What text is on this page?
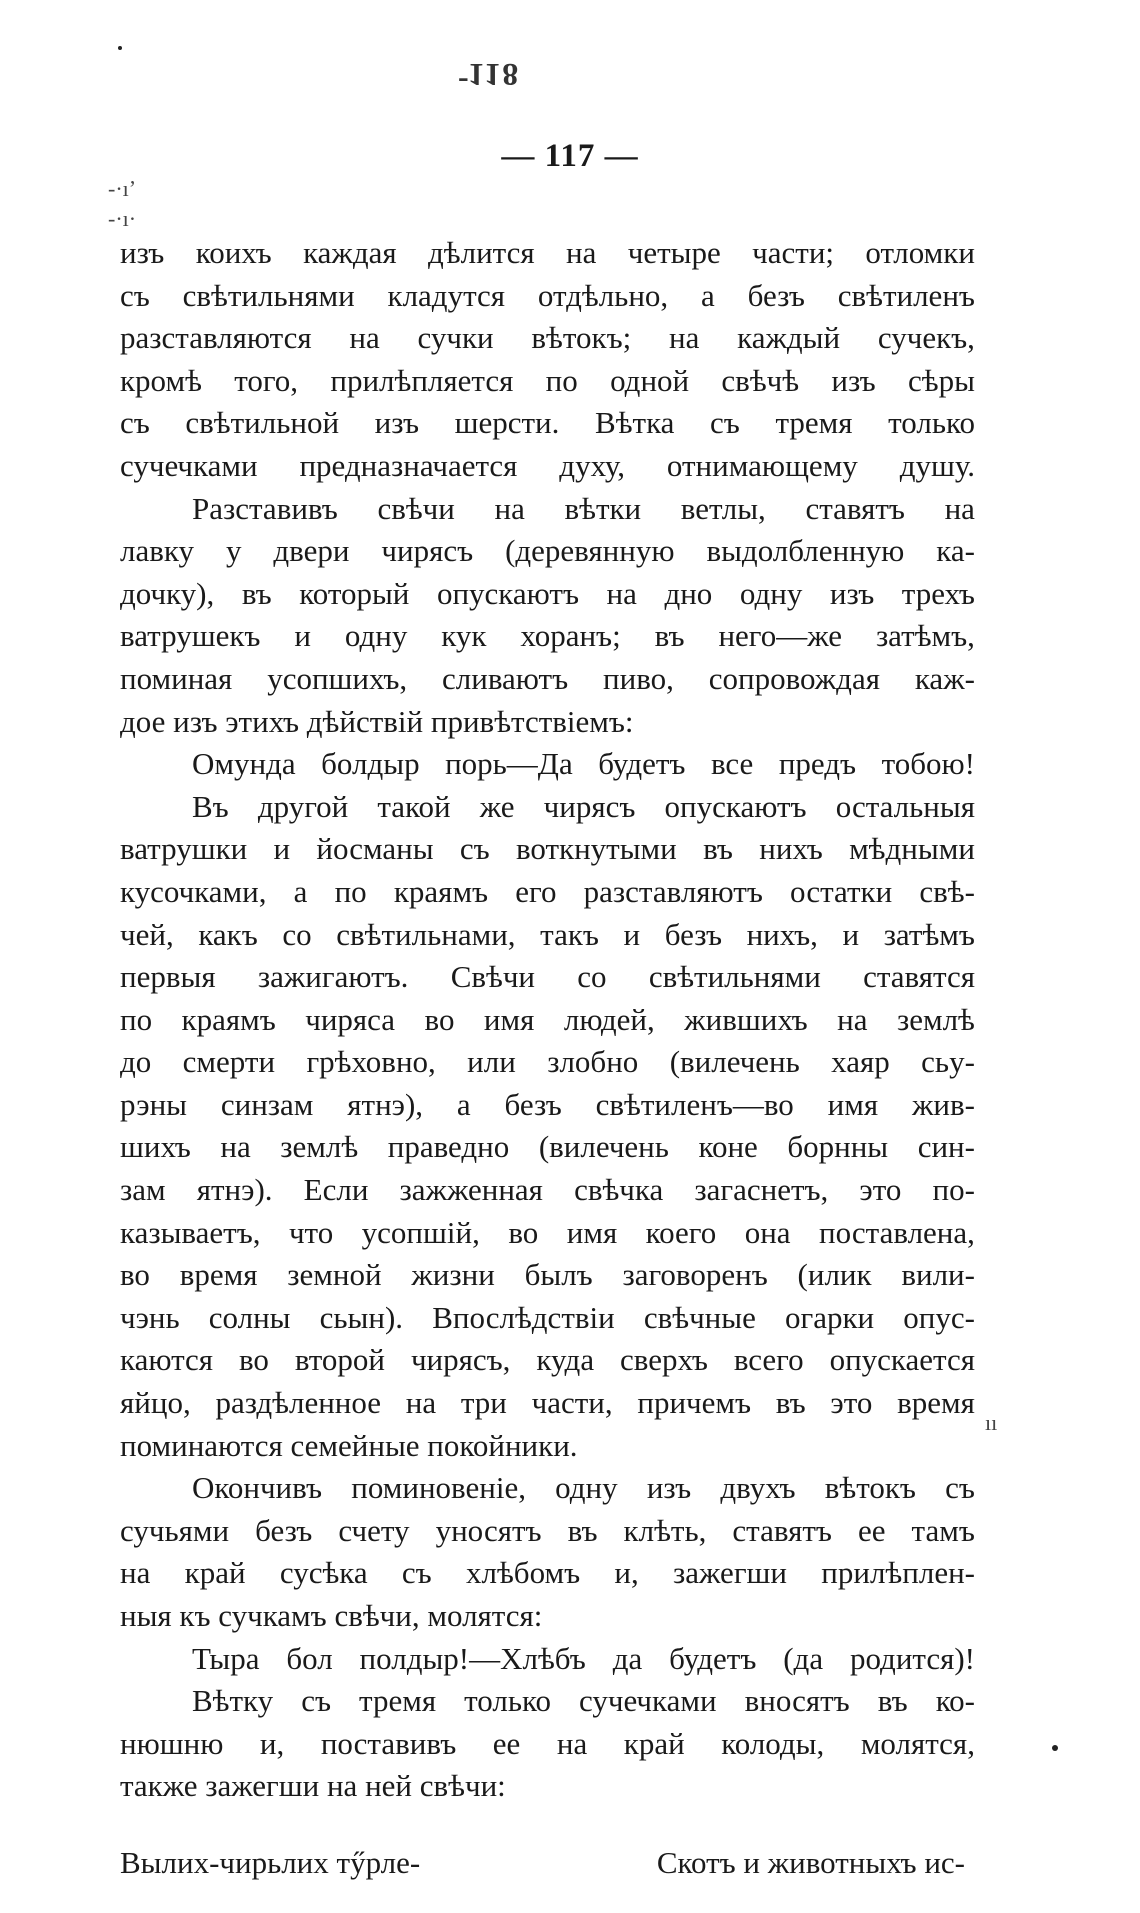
- 118
— 117 —
изъ коихъ каждая дѣлится на четыре части; отломки
съ свѣтильнями кладутся отдѣльно, а безъ свѣтиленъ
разставляются на сучки вѣтокъ; на каждый сучекъ,
кромѣ того, прилѣпляется по одной свѣчѣ изъ сѣры
съ свѣтильной изъ шерсти. Вѣтка съ тремя только
сучечками предназначается духу, отнимающему душу.
Разставивъ свѣчи на вѣтки ветлы, ставятъ на
лавку у двери чирясъ (деревянную выдолбленную ка-
дочку), въ который опускаютъ на дно одну изъ трехъ
ватрушекъ и одну кук хоранъ; въ него—же затѣмъ,
поминая усопшихъ, сливаютъ пиво, сопровождая каж-
дое изъ этихъ дѣйствій привѣтствіемъ:
Омунда болдыр порь—Да будетъ все предъ тобою!
Въ другой такой же чирясъ опускаютъ остальныя
ватрушки и йосманы съ воткнутыми въ нихъ мѣдными
кусочками, а по краямъ его разставляютъ остатки свѣ-
чей, какъ со свѣтильнами, такъ и безъ нихъ, и затѣмъ
первыя зажигаютъ. Свѣчи со свѣтильнями ставятся
по краямъ чиряса во имя людей, жившихъ на землѣ
до смерти грѣховно, или злобно (вилечень хаяр сьу-
рэны синзам ятнэ), а безъ свѣтиленъ—во имя жив-
шихъ на землѣ праведно (вилечень коне борнны син-
зам ятнэ). Если зажженная свѣчка загаснетъ, это по-
казываетъ, что усопшій, во имя коего она поставлена,
во время земной жизни былъ заговоренъ (илик вили-
чэнь солны сьын). Впослѣдствіи свѣчные огарки опус-
каются во второй чирясъ, куда сверхъ всего опускается
яйцо, раздѣленное на три части, причемъ въ это время
поминаются семейные покойники.
Окончивъ поминовеніе, одну изъ двухъ вѣтокъ съ
сучьями безъ счету уносятъ въ клѣть, ставятъ ее тамъ
на край сусѣка съ хлѣбомъ и, зажегши прилѣплен-
ныя къ сучкамъ свѣчи, молятся:
Тыра бол полдыр!—Хлѣбъ да будетъ (да родится)!
Вѣтку съ тремя только сучечками вносятъ въ ко-
нюшню и, поставивъ ее на край колоды, молятся,
также зажегши на ней свѣчи:
Вылих-чирьлих тӳрле-	Скотъ и животныхъ ис-
-·ıʼ
-·ı·
ıı
